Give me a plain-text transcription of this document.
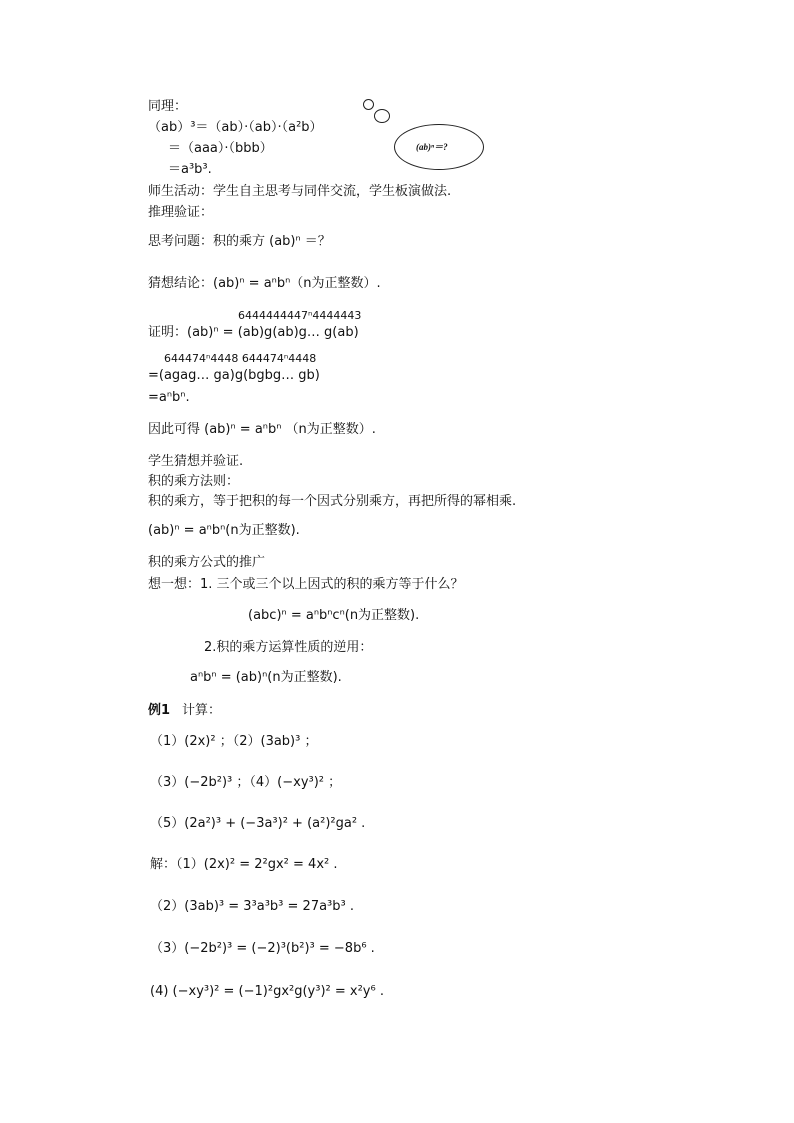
(ab)ⁿ＝?
同理：
（ab）³＝（ab）·（ab）·（a²b）
＝（aaa）·（bbb）
＝a³b³.
师生活动：学生自主思考与同伴交流，学生板演做法.
推理验证：
思考问题：积的乘方 (ab)ⁿ ＝？
猜想结论：(ab)ⁿ = aⁿbⁿ（n为正整数）.
6444444447ⁿ4444443
证明：(ab)ⁿ = (ab)g(ab)g… g(ab)
644474ⁿ4448 644474ⁿ4448
=(agag… ga)g(bgbg… gb)
=aⁿbⁿ.
因此可得 (ab)ⁿ = aⁿbⁿ （n为正整数）.
学生猜想并验证.
积的乘方法则：
积的乘方，等于把积的每一个因式分别乘方，再把所得的幂相乘.
(ab)ⁿ = aⁿbⁿ(n为正整数).
积的乘方公式的推广
想一想：1. 三个或三个以上因式的积的乘方等于什么？
(abc)ⁿ = aⁿbⁿcⁿ(n为正整数).
2.积的乘方运算性质的逆用：
aⁿbⁿ = (ab)ⁿ(n为正整数).
例1 计算：
（1）(2x)² ；（2）(3ab)³ ；
（3）(−2b²)³ ；（4）(−xy³)² ；
（5）(2a²)³ + (−3a³)² + (a²)²ga² .
解：（1）(2x)² = 2²gx² = 4x² .
（2）(3ab)³ = 3³a³b³ = 27a³b³ .
（3）(−2b²)³ = (−2)³(b²)³ = −8b⁶ .
(4) (−xy³)² = (−1)²gx²g(y³)² = x²y⁶ .
